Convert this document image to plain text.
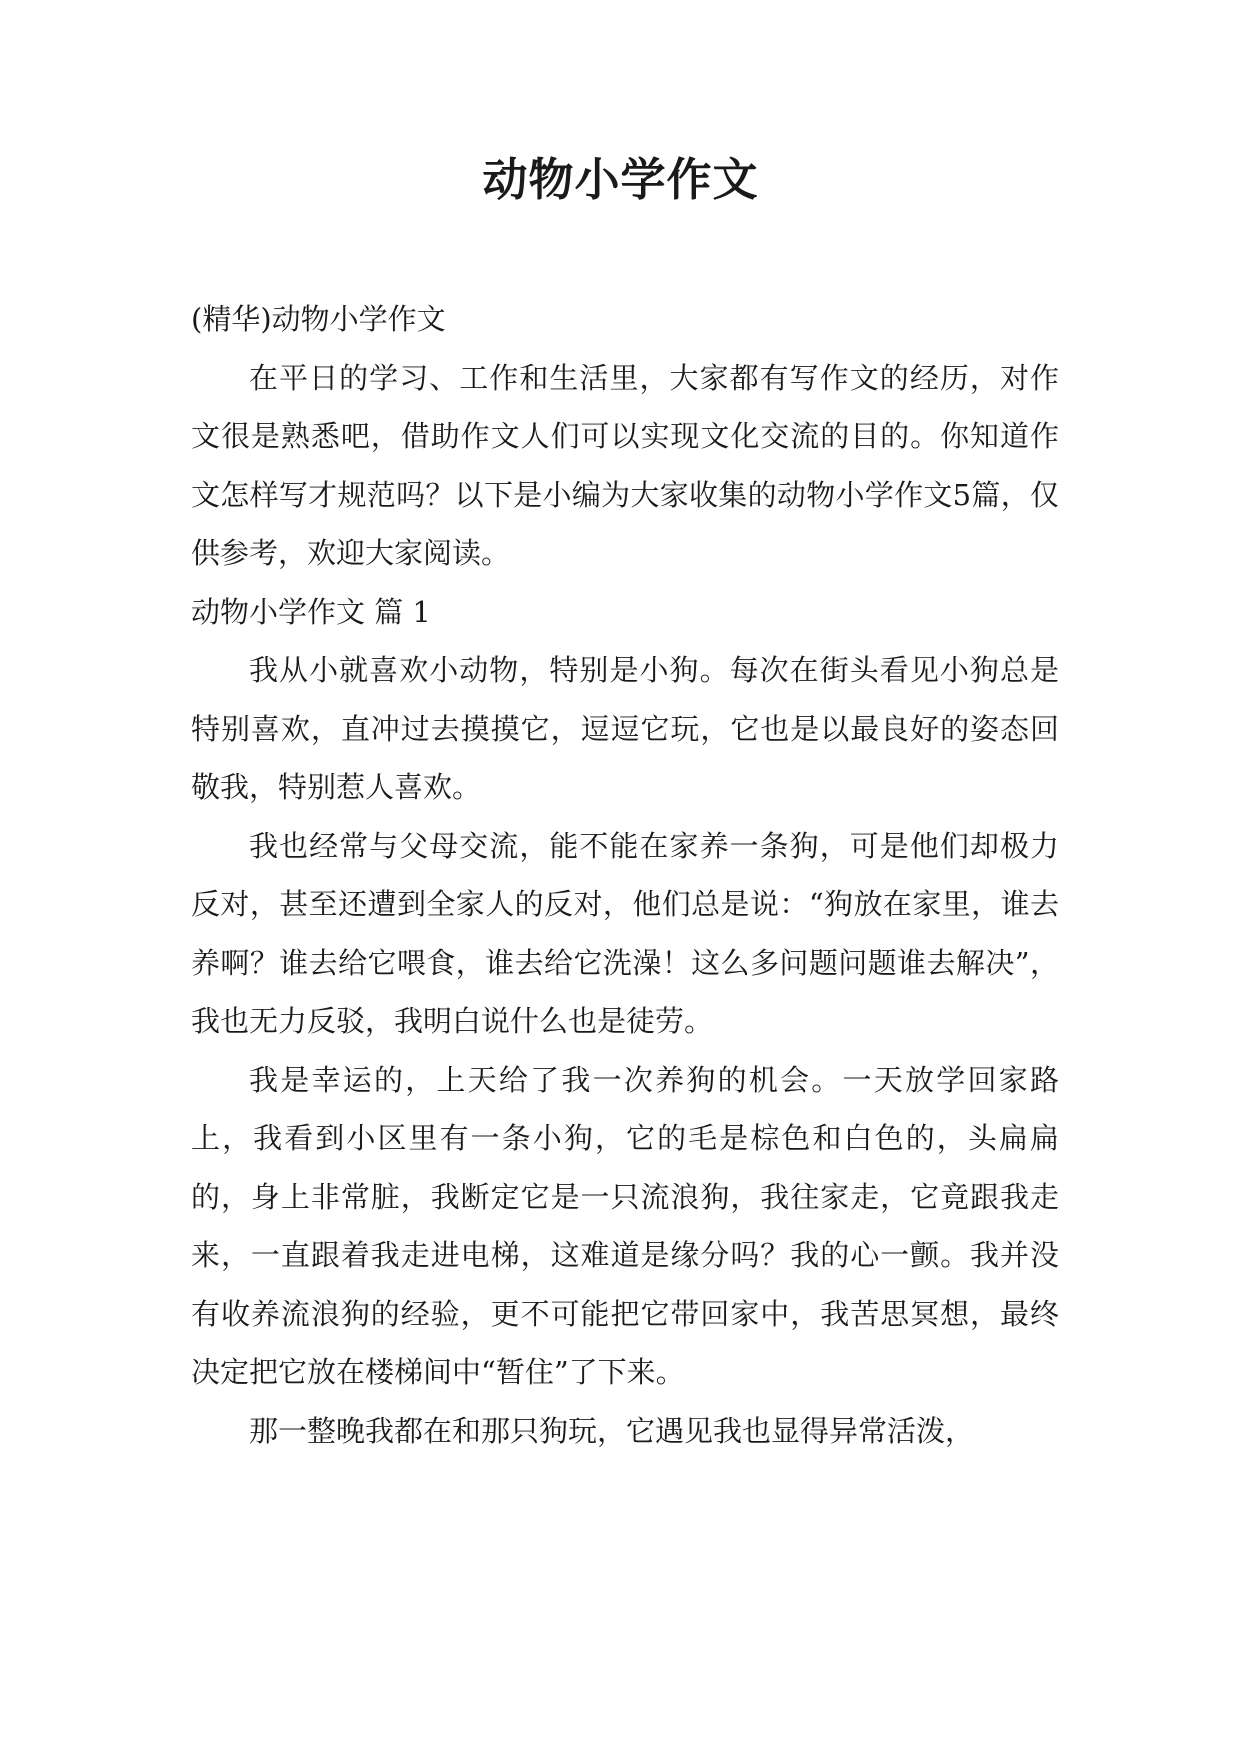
动物小学作文

(精华)动物小学作文

在平日的学习、工作和生活里，大家都有写作文的经历，对作文很是熟悉吧，借助作文人们可以实现文化交流的目的。你知道作文怎样写才规范吗？以下是小编为大家收集的动物小学作文5篇，仅供参考，欢迎大家阅读。

动物小学作文 篇 1

我从小就喜欢小动物，特别是小狗。每次在街头看见小狗总是特别喜欢，直冲过去摸摸它，逗逗它玩，它也是以最良好的姿态回敬我，特别惹人喜欢。

我也经常与父母交流，能不能在家养一条狗，可是他们却极力反对，甚至还遭到全家人的反对，他们总是说：“狗放在家里，谁去养啊？谁去给它喂食，谁去给它洗澡！这么多问题问题谁去解决”，我也无力反驳，我明白说什么也是徒劳。

我是幸运的，上天给了我一次养狗的机会。一天放学回家路上，我看到小区里有一条小狗，它的毛是棕色和白色的，头扁扁的，身上非常脏，我断定它是一只流浪狗，我往家走，它竟跟我走来，一直跟着我走进电梯，这难道是缘分吗？我的心一颤。我并没有收养流浪狗的经验，更不可能把它带回家中，我苦思冥想，最终决定把它放在楼梯间中“暂住”了下来。

那一整晚我都在和那只狗玩，它遇见我也显得异常活泼，
